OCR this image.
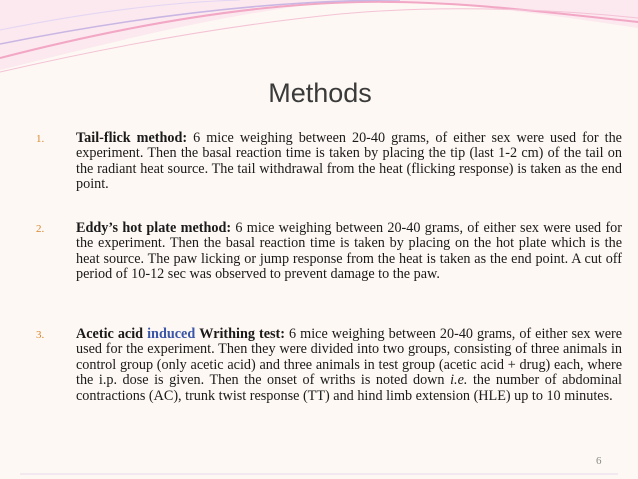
Methods
1. Tail-flick method: 6 mice weighing between 20-40 grams, of either sex were used for the experiment. Then the basal reaction time is taken by placing the tip (last 1-2 cm) of the tail on the radiant heat source. The tail withdrawal from the heat (flicking response) is taken as the end point.
2. Eddy’s hot plate method: 6 mice weighing between 20-40 grams, of either sex were used for the experiment. Then the basal reaction time is taken by placing on the hot plate which is the heat source. The paw licking or jump response from the heat is taken as the end point. A cut off period of 10-12 sec was observed to prevent damage to the paw.
3. Acetic acid induced Writhing test: 6 mice weighing between 20-40 grams, of either sex were used for the experiment. Then they were divided into two groups, consisting of three animals in control group (only acetic acid) and three animals in test group (acetic acid + drug) each, where the i.p. dose is given. Then the onset of wriths is noted down i.e. the number of abdominal contractions (AC), trunk twist response (TT) and hind limb extension (HLE) up to 10 minutes.
6
